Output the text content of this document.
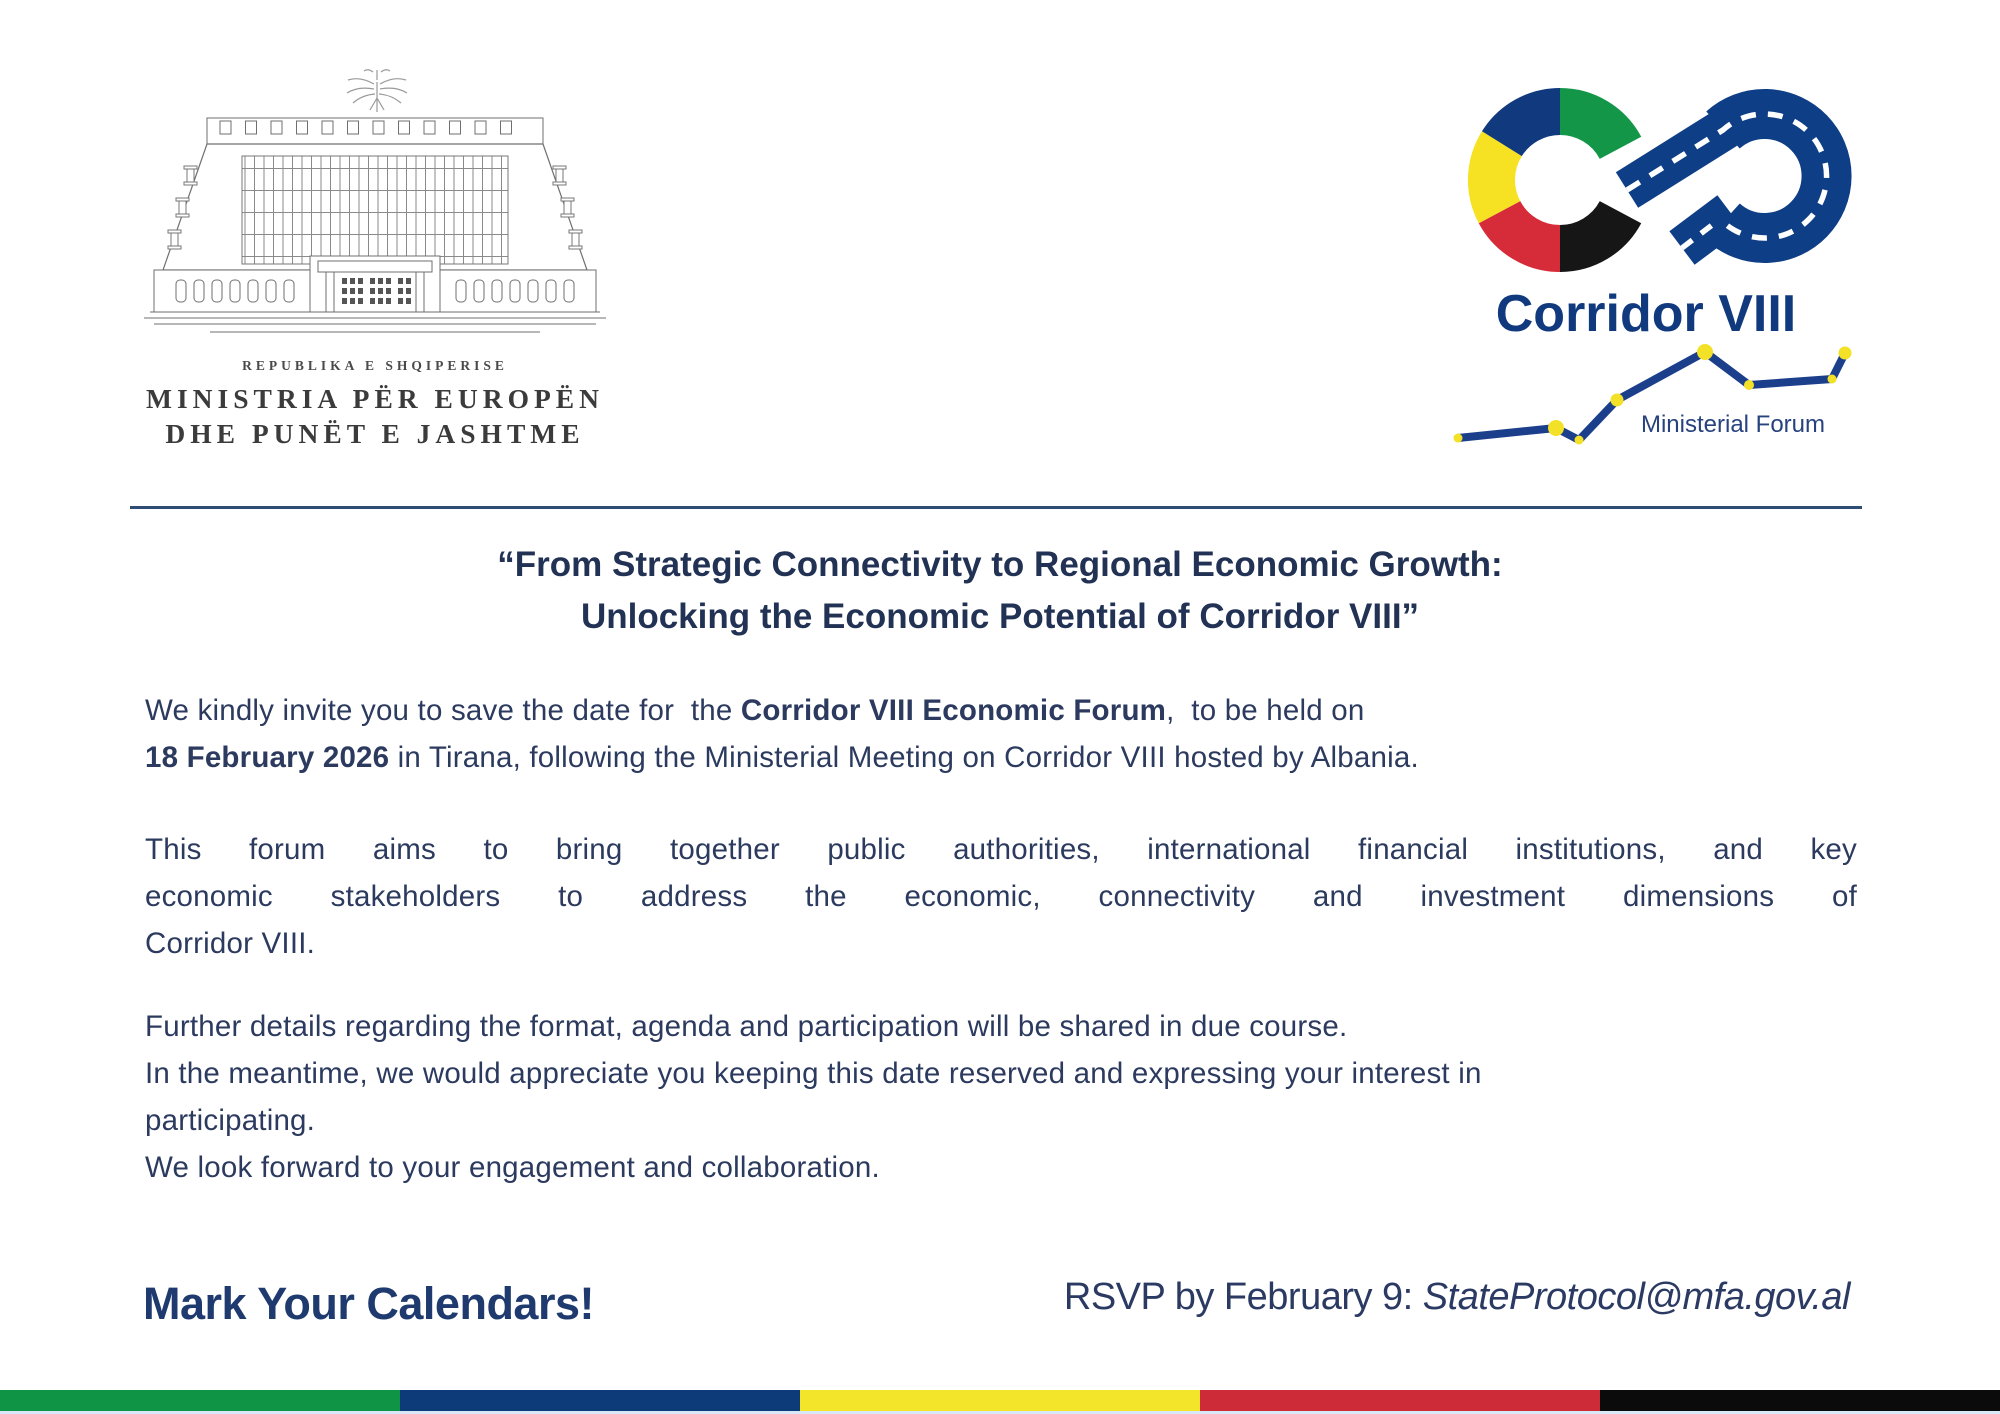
REPUBLIKA E SHQIPERISE
MINISTRIA PËR EUROPËN
DHE PUNËT E JASHTME
Corridor VIII
Ministerial Forum
“From Strategic Connectivity to Regional Economic Growth:
Unlocking the Economic Potential of Corridor VIII”
We kindly invite you to save the date for  the Corridor VIII Economic Forum,  to be held on
18 February 2026 in Tirana, following the Ministerial Meeting on Corridor VIII hosted by Albania.
This forum aims to bring together public authorities, international financial institutions, and key
economic stakeholders to address the economic, connectivity and investment dimensions of
Corridor VIII.
Further details regarding the format, agenda and participation will be shared in due course.
In the meantime, we would appreciate you keeping this date reserved and expressing your interest in
participating.
We look forward to your engagement and collaboration.
Mark Your Calendars!	RSVP by February 9: StateProtocol@mfa.gov.al
